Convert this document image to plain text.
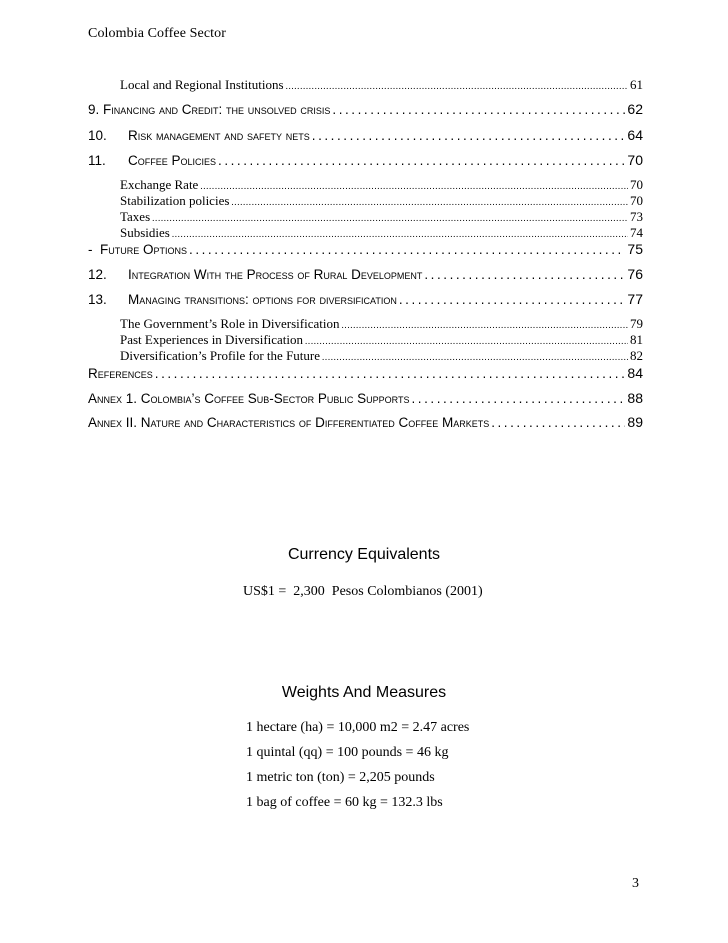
Colombia Coffee Sector
Local and Regional Institutions . . .	61
9. Financing and Credit: the unsolved crisis . . .	62
10. Risk management and safety nets . . .	64
11. Coffee Policies . . .	70
Exchange Rate . . .	70
Stabilization policies . . .	70
Taxes . . .	73
Subsidies . . .	74
- Future Options . . .	75
12. Integration With the Process of Rural Development . . .	76
13. Managing transitions: options for diversification . . .	77
The Government’s Role in Diversification . . .	79
Past Experiences in Diversification . . .	81
Diversification’s Profile for the Future . . .	82
References . . .	84
Annex 1. Colombia’s Coffee Sub-Sector Public Supports . . .	88
Annex II. Nature and Characteristics of Differentiated Coffee Markets . . .	89
Currency Equivalents
US$1 =  2,300  Pesos Colombianos (2001)
Weights And Measures
1 hectare (ha) = 10,000 m2 = 2.47 acres
1 quintal (qq) = 100 pounds = 46 kg
1 metric ton (ton) = 2,205 pounds
1 bag of coffee = 60 kg = 132.3 lbs
3
